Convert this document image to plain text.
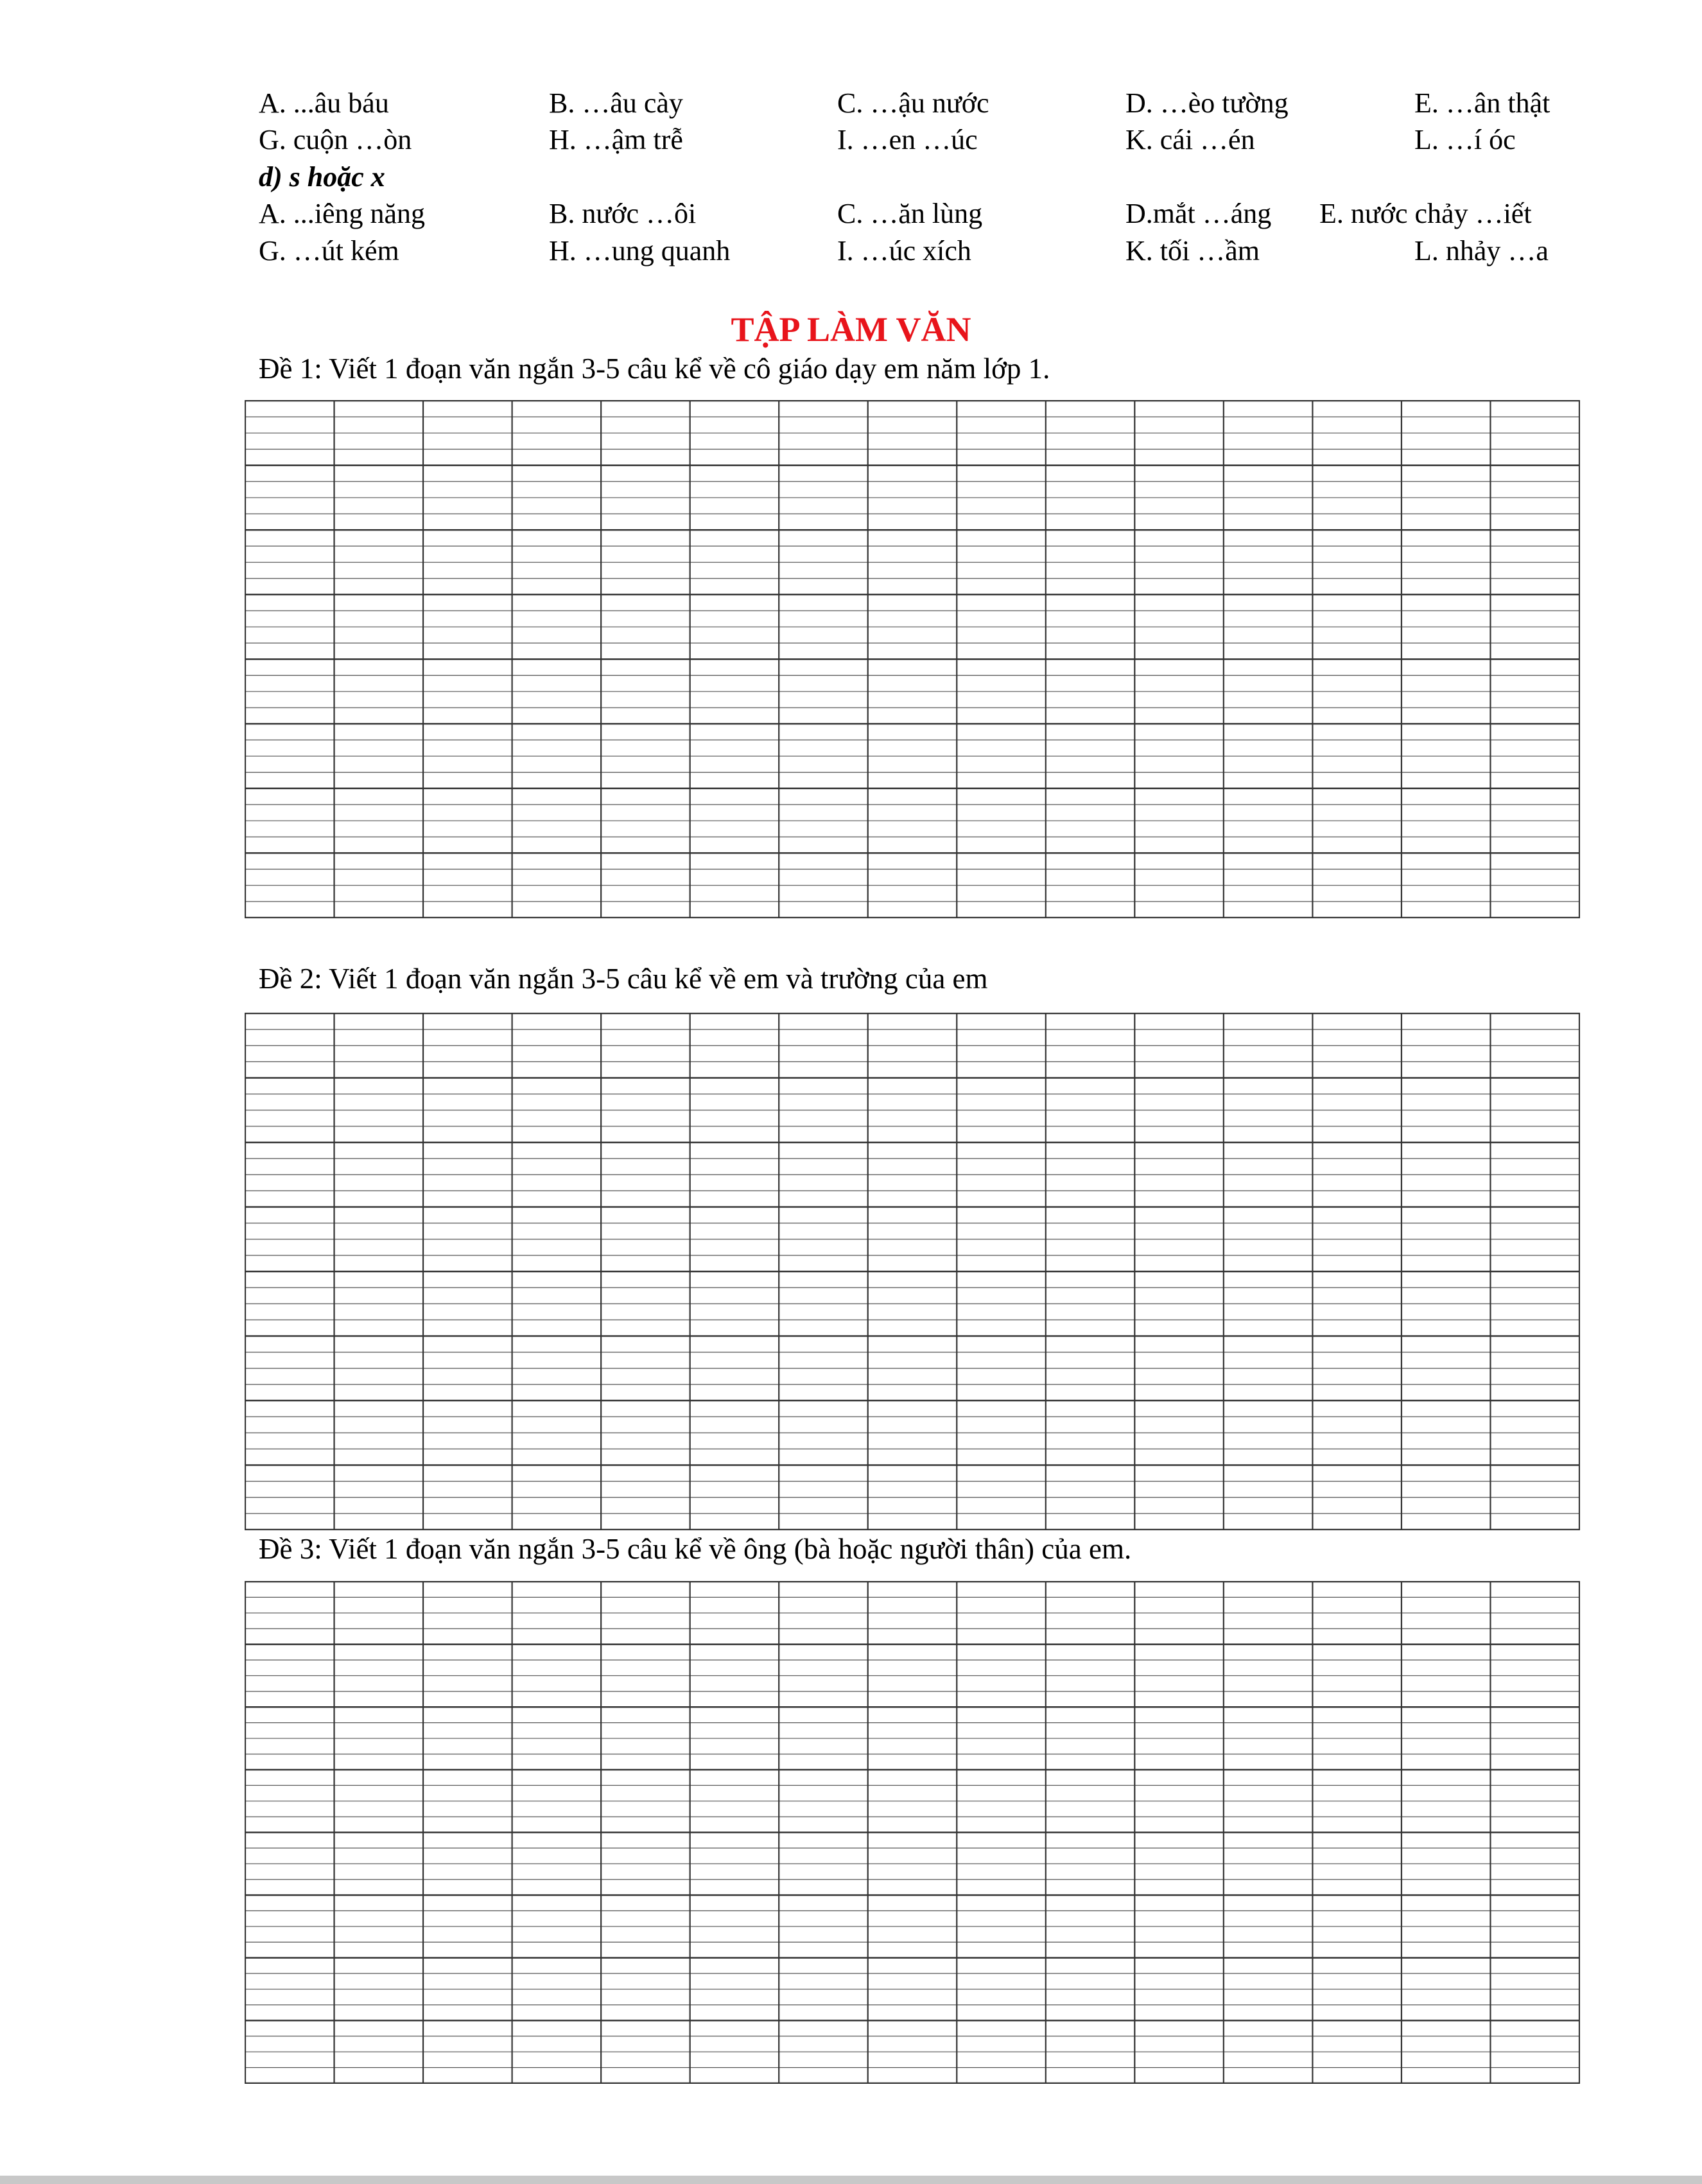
A. ...âu báu	B. …âu cày	C. …ậu nước	D. …èo tường	E. …ân thật
G. cuộn …òn	H. …ậm trễ	I. …en …úc	K. cái …én	L. …í óc
d) s hoặc x
A. ...iêng năng	B. nước …ôi	C. …ăn lùng	D.mắt …áng E. nước chảy …iết
G. …út kém	H. …ung quanh	I. …úc xích	K. tối …ầm	L. nhảy …a
TẬP LÀM VĂN
Đề 1: Viết 1 đoạn văn ngắn 3-5 câu kể về cô giáo dạy em năm lớp 1.
Đề 2: Viết 1 đoạn văn ngắn 3-5 câu kể về em và trường của em
Đề 3: Viết 1 đoạn văn ngắn 3-5 câu kể về ông (bà hoặc người thân) của em.
